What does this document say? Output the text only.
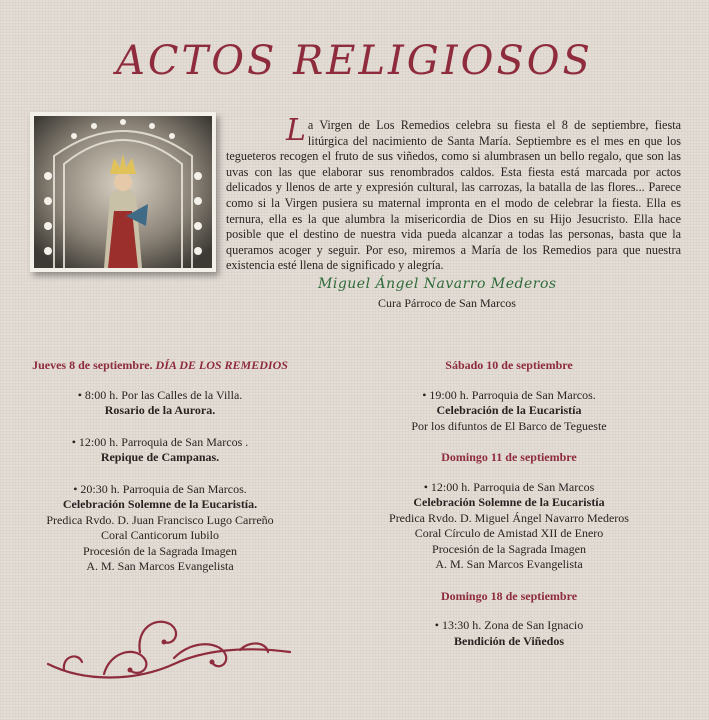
ACTOS RELIGIOSOS
L a Virgen de Los Remedios celebra su fiesta el 8 de septiembre, fiesta litúrgica del nacimiento de Santa María. Septiembre es el mes en que los tegueteros recogen el fruto de sus viñedos, como si alumbrasen un bello regalo, que son las uvas con las que elaborar sus renombrados caldos. Esta fiesta está marcada por actos delicados y llenos de arte y expresión cultural, las carrozas, la batalla de las flores... Parece como si la Virgen pusiera su maternal impronta en el modo de celebrar la fiesta. Ella es ternura, ella es la que alumbra la misericordia de Dios en su Hijo Jesucristo. Ella hace posible que el destino de nuestra vida pueda alcanzar a todas las personas, basta que la queramos acoger y seguir. Por eso, miremos a María de los Remedios para que nuestra existencia esté llena de significado y alegría.
Miguel Ángel Navarro Mederos
Cura Párroco de San Marcos

Jueves 8 de septiembre. DÍA DE LOS REMEDIOS

• 8:00 h. Por las Calles de la Villa.

Rosario de la Aurora.

• 12:00 h. Parroquia de San Marcos .

Repique de Campanas.

• 20:30 h. Parroquia de San Marcos.

Celebración Solemne de la Eucaristía.

Predica Rvdo. D. Juan Francisco Lugo Carreño

Coral Canticorum Iubilo

Procesión de la Sagrada Imagen

A. M. San Marcos Evangelista

Sábado 10 de septiembre

• 19:00 h. Parroquia de San Marcos.

Celebración de la Eucaristía

Por los difuntos de El Barco de Tegueste

Domingo 11 de septiembre

• 12:00 h. Parroquia de San Marcos

Celebración Solemne de la Eucaristía

Predica Rvdo. D. Miguel Ángel Navarro Mederos

Coral Círculo de Amistad XII de Enero

Procesión de la Sagrada Imagen

A. M. San Marcos Evangelista

Domingo 18 de septiembre

• 13:30 h. Zona de San Ignacio

Bendición de Viñedos
